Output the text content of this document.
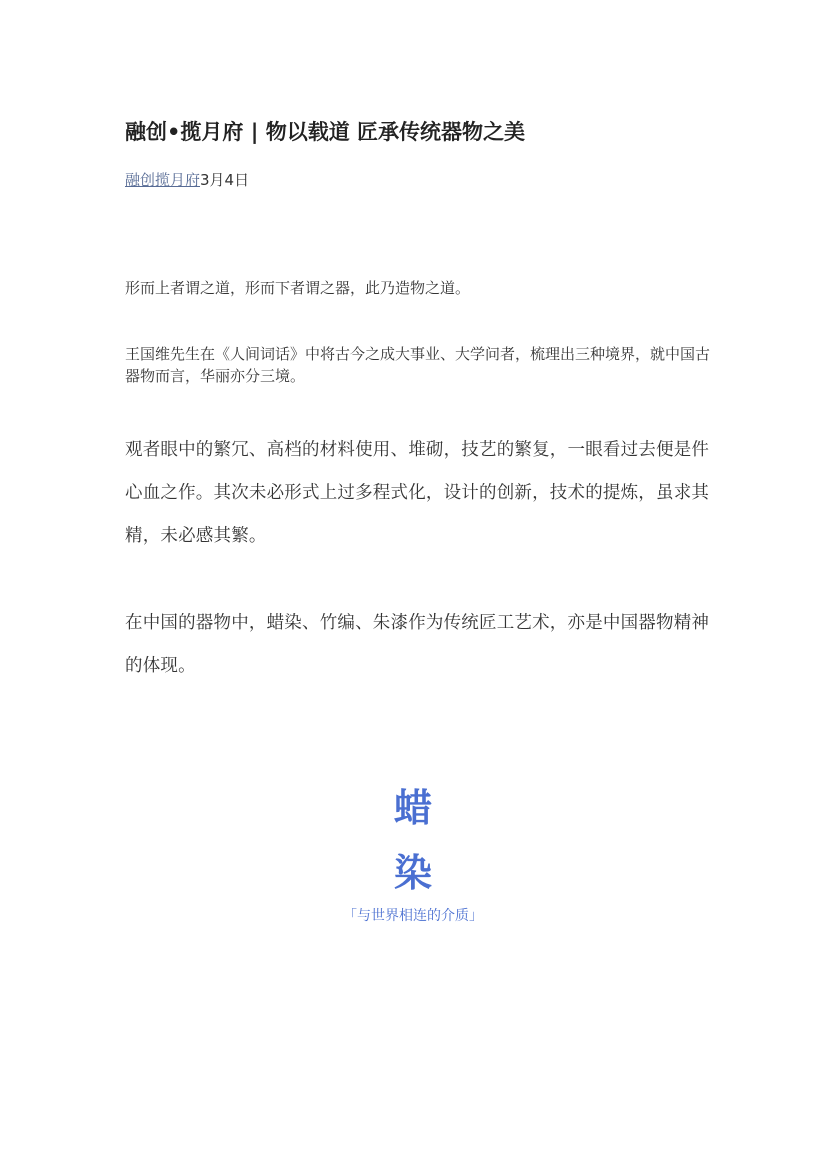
融创•揽月府 | 物以载道 匠承传统器物之美
融创揽月府3月4日

形而上者谓之道，形而下者谓之器，此乃造物之道。

王国维先生在《人间词话》中将古今之成大事业、大学问者，梳理出三种境界，就中国古器物而言，华丽亦分三境。

观者眼中的繁冗、高档的材料使用、堆砌，技艺的繁复，一眼看过去便是件心血之作。其次未必形式上过多程式化，设计的创新，技术的提炼，虽求其精，未必感其繁。

在中国的器物中，蜡染、竹编、朱漆作为传统匠工艺术，亦是中国器物精神的体现。

蜡
染
「与世界相连的介质」
